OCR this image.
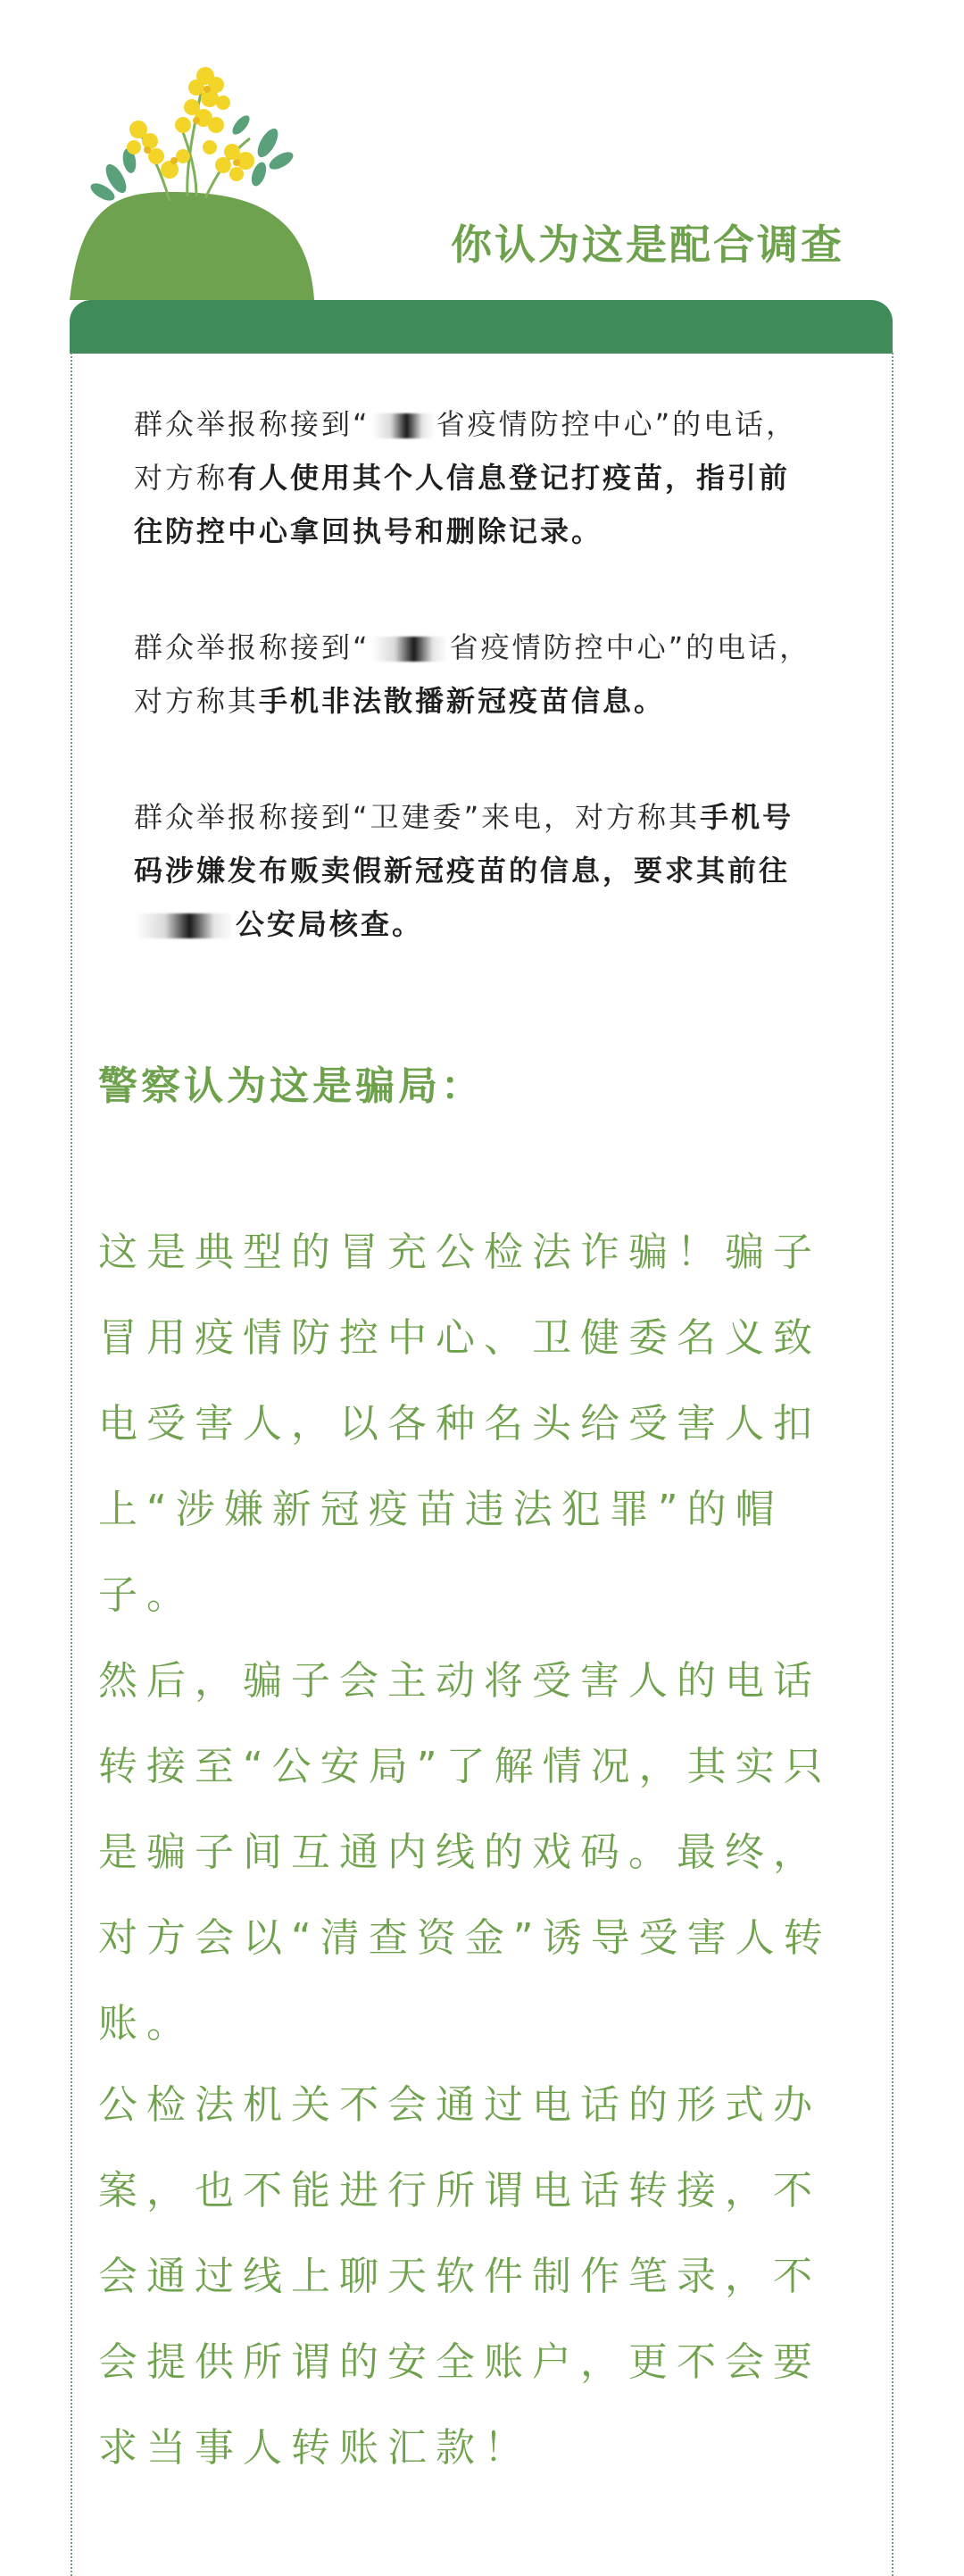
你认为这是配合调查
群众举报称接到“ 省疫情防控中心”的电话，对方称有人使用其个人信息登记打疫苗，指引前往防控中心拿回执号和删除记录。
群众举报称接到“	省疫情防控中心”的电话，对方称其手机非法散播新冠疫苗信息。
群众举报称接到“卫建委”来电，对方称其手机号码涉嫌发布贩卖假新冠疫苗的信息，要求其前往公安局核查。
警察认为这是骗局：
这是典型的冒充公检法诈骗！骗子冒用疫情防控中心、卫健委名义致电受害人，以各种名头给受害人扣上“涉嫌新冠疫苗违法犯罪”的帽子。
然后，骗子会主动将受害人的电话转接至“公安局”了解情况，其实只是骗子间互通内线的戏码。最终，对方会以“清查资金”诱导受害人转账。
公检法机关不会通过电话的形式办案，也不能进行所谓电话转接，不会通过线上聊天软件制作笔录，不会提供所谓的安全账户，更不会要求当事人转账汇款！
